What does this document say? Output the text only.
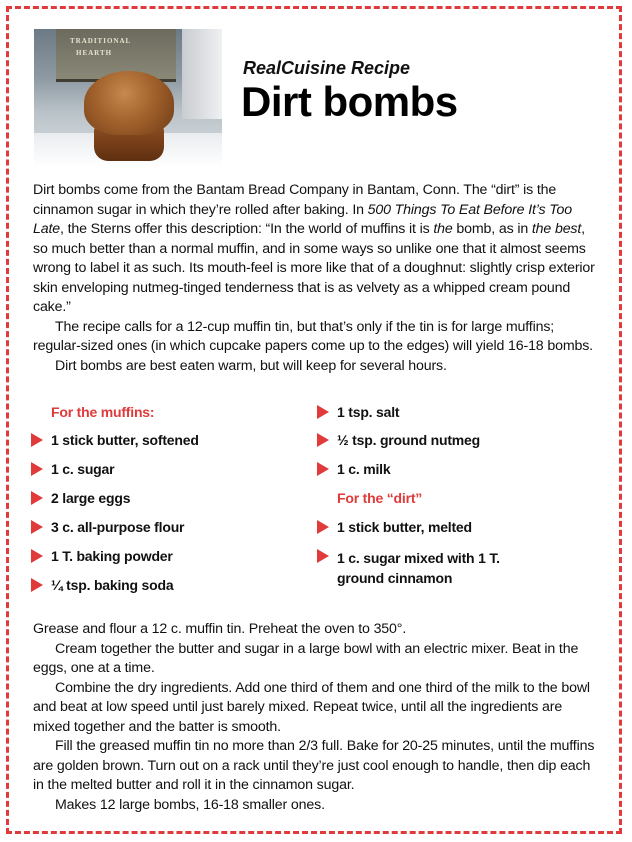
TRADITIONAL
HEARTH
RealCuisine Recipe
Dirt bombs

Dirt bombs come from the Bantam Bread Company in Bantam, Conn. The “dirt” is the cinnamon sugar in which they’re rolled after baking. In 500 Things To Eat Before It’s Too Late, the Sterns offer this description: “In the world of muffins it is the bomb, as in the best, so much better than a normal muffin, and in some ways so unlike one that it almost seems wrong to label it as such. Its mouth-feel is more like that of a doughnut: slightly crisp exterior skin enveloping nutmeg-tinged tenderness that is as velvety as a whipped cream pound cake.”

The recipe calls for a 12-cup muffin tin, but that’s only if the tin is for large muffins; regular-sized ones (in which cupcake papers come up to the edges) will yield 16-18 bombs.

Dirt bombs are best eaten warm, but will keep for several hours.

For the muffins:
1 stick butter, softened
1 c. sugar
2 large eggs
3 c. all-purpose flour
1 T. baking powder
¼ tsp. baking soda
1 tsp. salt
½ tsp. ground nutmeg
1 c. milk
For the “dirt”
1 stick butter, melted
1 c. sugar mixed with 1 T. ground cinnamon

Grease and flour a 12 c. muffin tin. Preheat the oven to 350°.

Cream together the butter and sugar in a large bowl with an electric mixer. Beat in the eggs, one at a time.

Combine the dry ingredients. Add one third of them and one third of the milk to the bowl and beat at low speed until just barely mixed. Repeat twice, until all the ingredients are mixed together and the batter is smooth.

Fill the greased muffin tin no more than 2/3 full. Bake for 20-25 minutes, until the muffins are golden brown. Turn out on a rack until they’re just cool enough to handle, then dip each in the melted butter and roll it in the cinnamon sugar.

Makes 12 large bombs, 16-18 smaller ones.
